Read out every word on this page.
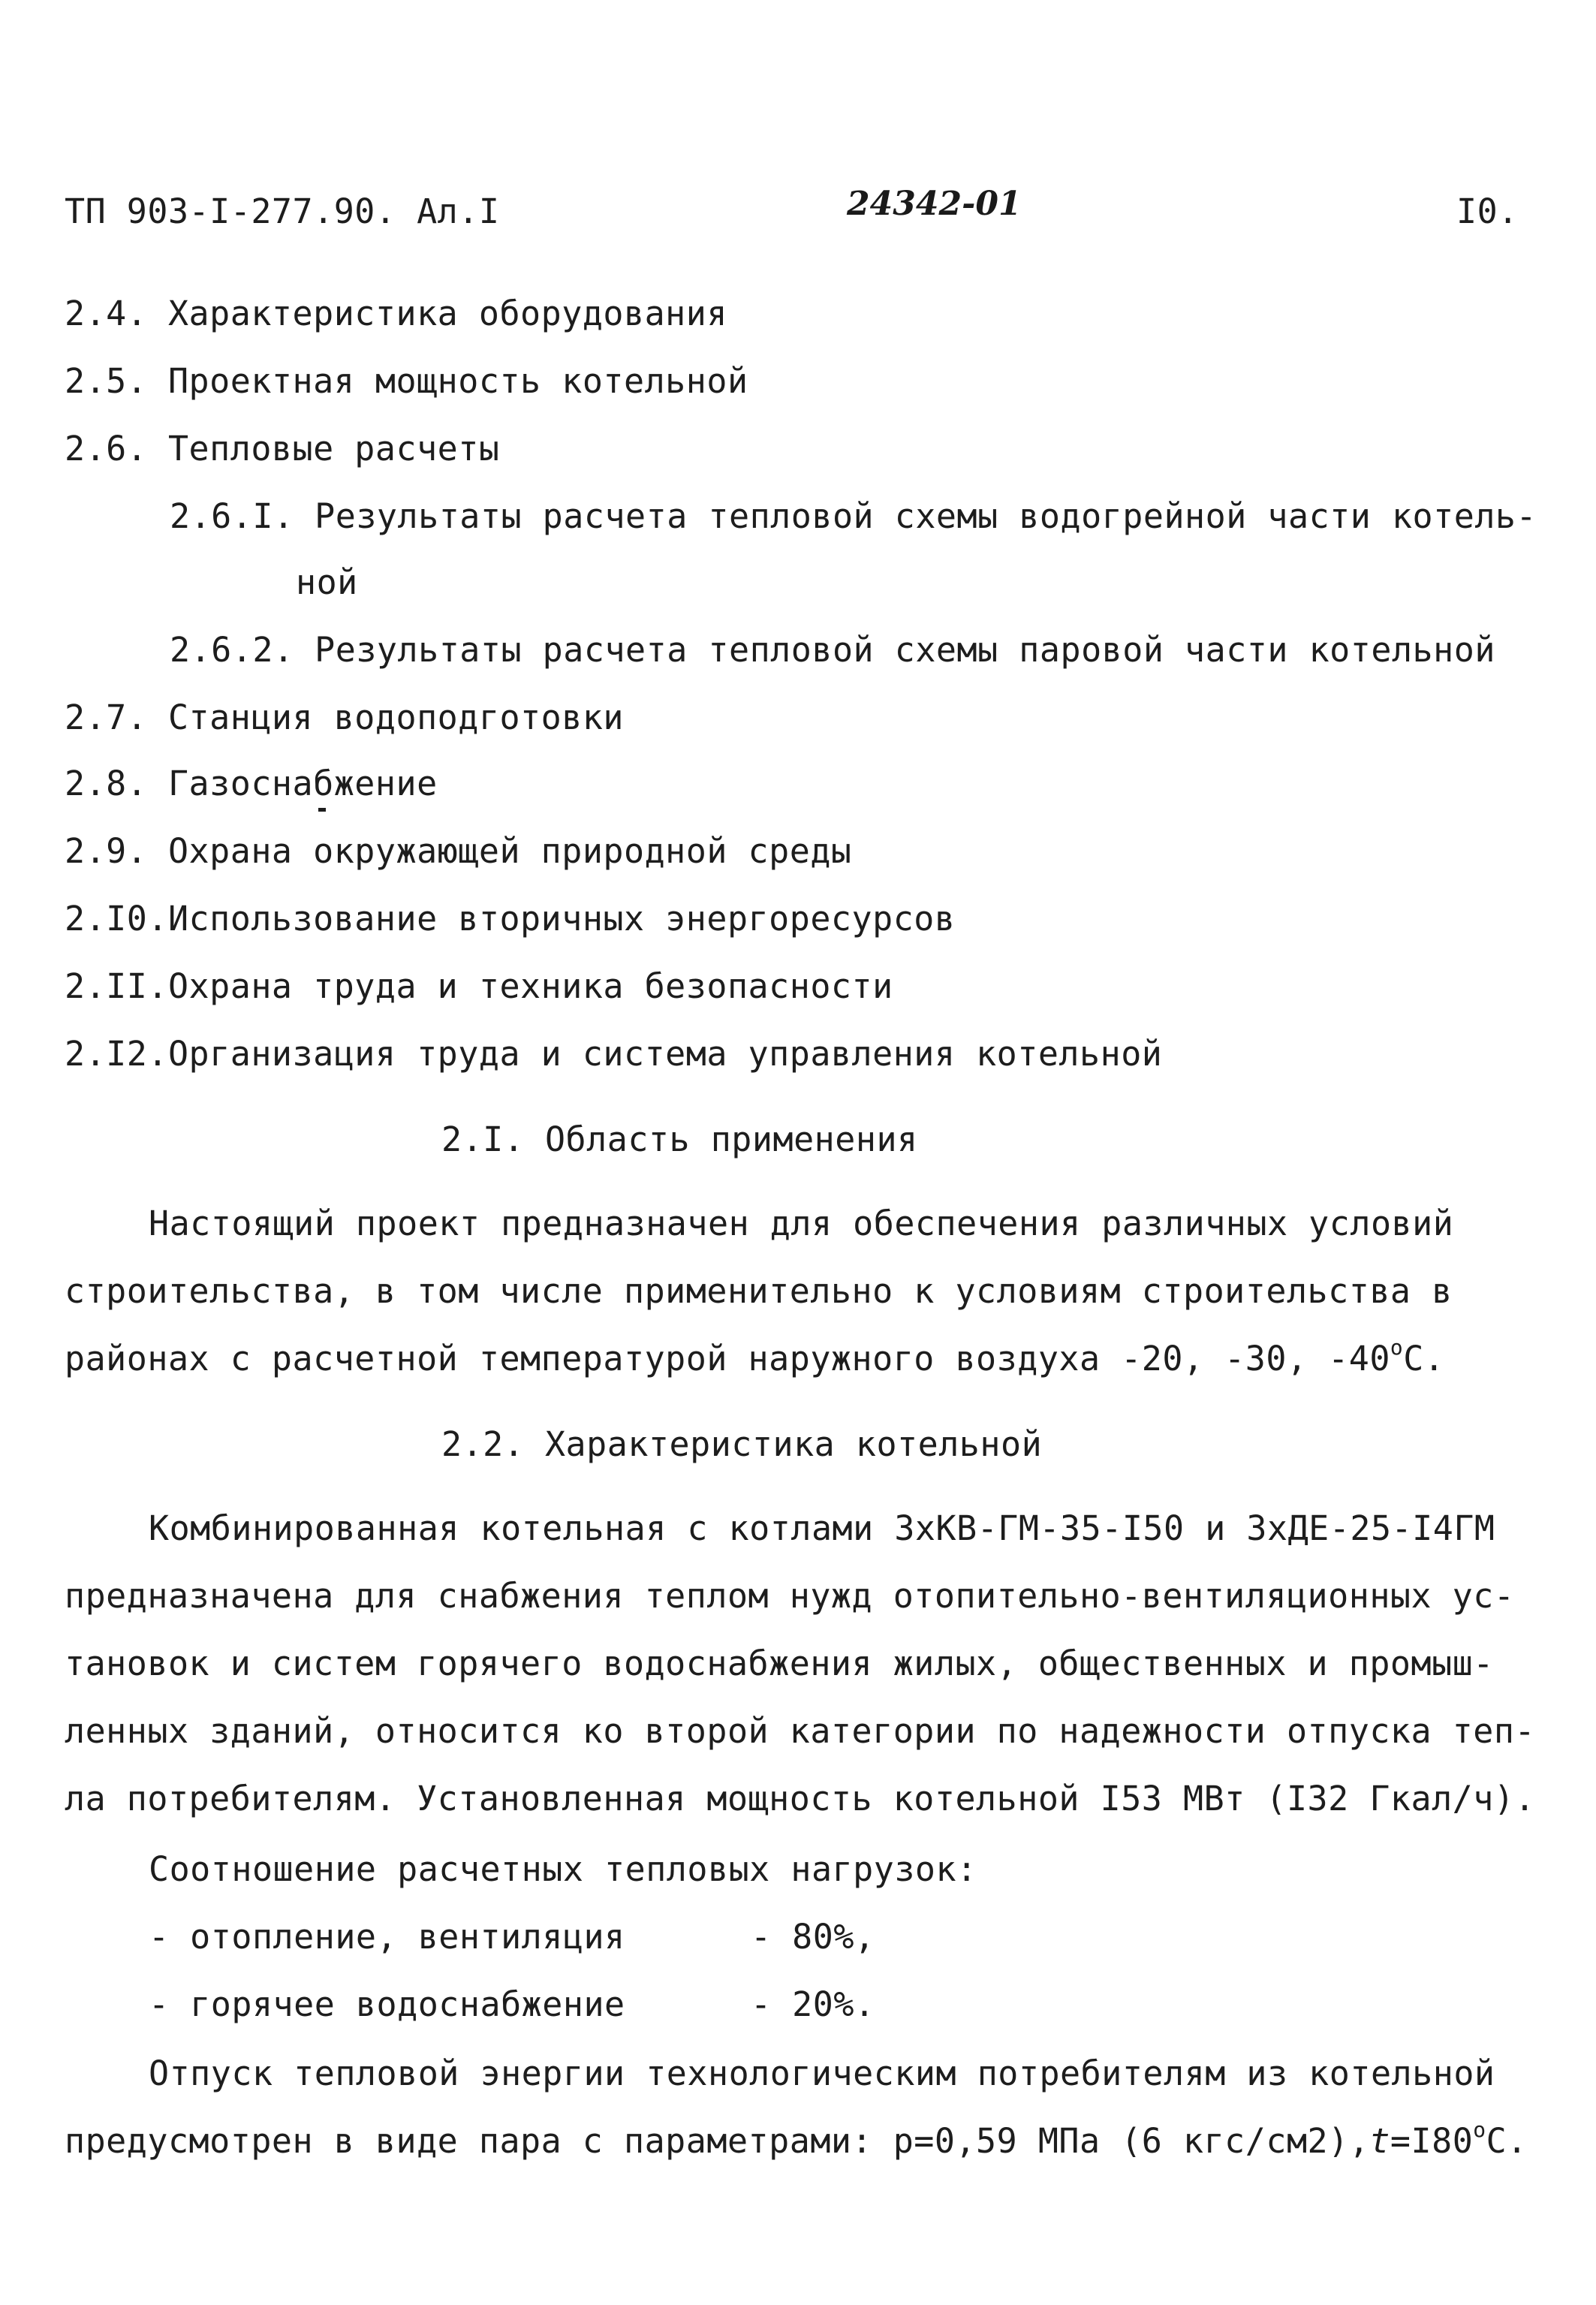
ТП 903-I-277.90. Ал.I	24342-01	I0.
2.4. Характеристика оборудования
2.5. Проектная мощность котельной
2.6. Тепловые расчеты
2.6.I. Результаты расчета тепловой схемы водогрейной части котель-
ной
2.6.2. Результаты расчета тепловой схемы паровой части котельной
2.7. Станция водоподготовки
2.8. Газоснабжение
2.9. Охрана окружающей природной среды
2.I0.Использование вторичных энергоресурсов
2.II.Охрана труда и техника безопасности
2.I2.Организация труда и система управления котельной
2.I. Область применения
Настоящий проект предназначен для обеспечения различных условий
строительства, в том числе применительно к условиям строительства в
районах с расчетной температурой наружного воздуха -20, -30, -40$^o$С.
2.2. Характеристика котельной
Комбинированная котельная с котлами 3хКВ-ГМ-35-I50 и 3хДЕ-25-I4ГМ
предназначена для снабжения теплом нужд отопительно-вентиляционных ус-
тановок и систем горячего водоснабжения жилых, общественных и промыш-
ленных зданий, относится ко второй категории по надежности отпуска теп-
ла потребителям. Установленная мощность котельной I53 МВт (I32 Гкал/ч).
Соотношение расчетных тепловых нагрузок:
- отопление, вентиляция	- 80%,
- горячее водоснабжение	- 20%.
Отпуск тепловой энергии технологическим потребителям из котельной
предусмотрен в виде пара с параметрами: р=0,59 МПа (6 кгс/$см2),t=I80^oС$.
